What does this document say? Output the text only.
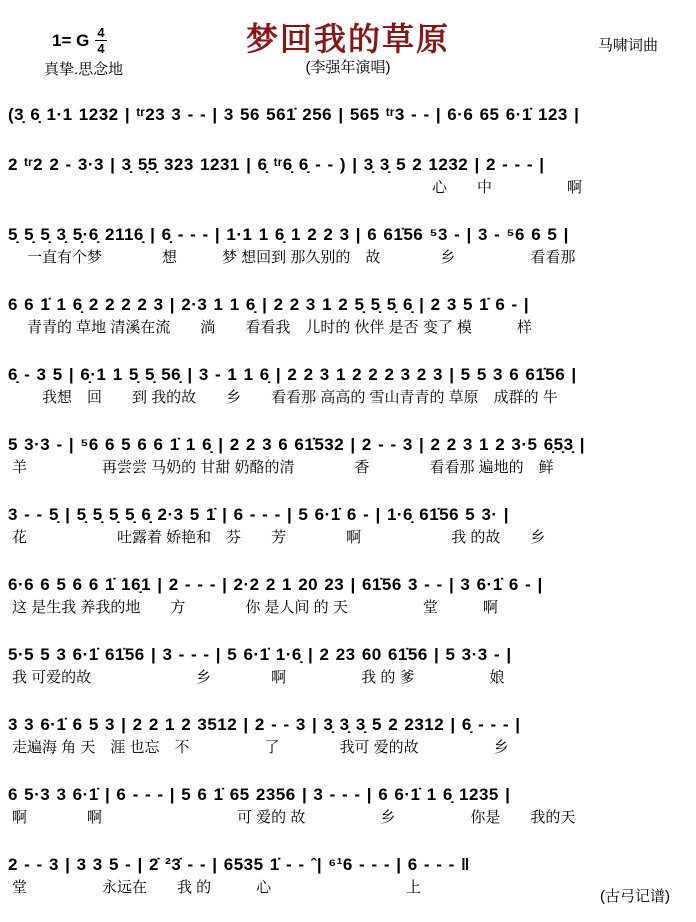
1= G $\frac{4}{4}$
真挚.思念地
梦回我的草原
(李强年演唱)
马啸词曲
(3̣ 6̣ 1·1 1232 | ᵗʳ23 3 - - | 3 56 561̇ 256 | 565 ᵗʳ3 - - | 6·6 65 6·1̇ 123 |
2 ᵗʳ2 2 - 3·3 | 3̣ 5̣5̣ 323 1231 | 6̣ ᵗʳ6̣ 6̣ - - ) | 3̣ 3̣ 5 2 1232 | 2 - - - |
                            心  中     啊
5̣ 5̣ 5̣ 3̣ 5̣·6̣ 2116̣ | 6̣ - - - | 1·1 1 6̣ 1 2 2 3 | 6 61̇56 ⁵3 - | 3 - ⁵6 6 5 |
 一直有个梦    想   梦 想回到 那久别的 故    乡     看看那
6 6 1̇ 1 6̣ 2 2 2 2 3 | 2·3 1 1 6̣ | 2 2 3 1 2 5̣ 5̣ 5̣ 6̣ | 2 3 5 1̇ 6 - |
 青青的 草地 清溪在流  淌  看看我 儿时的 伙伴 是否 变了 模   样
6̣ - 3 5 | 6̣·1 1 5̣ 5̣ 56̣ | 3 - 1 1 6̣ | 2 2 3 1 2 2 2 3 2 3 | 5 5 3 6 61̇56 |
  我想 回  到 我的故  乡  看看那 高高的 雪山青青的 草原 成群的 牛
5 3·3 - | ⁵6 6 5 6 6 1̇ 1 6̣ | 2 2 3 6 61̇532 | 2 - - 3 | 2 2 3 1 2 3·5 6̣5̣3̣ |
羊     再尝尝 马奶的 甘甜 奶酪的清    香    看看那 遍地的 鲜
3 - - 5̣ | 5̣ 5̣ 5̣ 5̣ 6̣ 2·3 5 1̇ | 6 - - - | 5 6·1̇ 6 - | 1·6̣ 61̇56 5 3· |
花      吐露着 娇艳和 芬  芳    啊      我 的故  乡
6·6 6 5 6 6 1̇ 16̣1 | 2 - - - | 2·2 2 1 20 23 | 61̇56 3 - - | 3 6·1̇ 6 - |
这 是生我 养我的地  方    你 是人间 的 天     堂   啊
5·5 5 3 6·1̇ 61̇56 | 3 - - - | 5 6·1̇ 1·6̣ | 2 23 60 61̇56 | 5 3·3 - |
我 可爱的故       乡    啊     我 的 爹     娘
3 3 6·1̇ 6 5 3 | 2 2 1 2 3512 | 2 - - 3 | 3̣ 3̣ 3̣ 5 2 2312 | 6̣ - - - |
走遍海 角 天 涯 也忘 不     了    我可 爱的故     乡
6 5·3 3 6·1̇ | 6 - - - | 5 6 1̇ 65 2356 | 3 - - - | 6 6·1̇ 1 6̣ 1235 |
啊    啊         可 爱的 故     乡     你是  我的天
2 - - 3 | 3 3 5 - | 2̇ ²3̇ - - | 6535 1̇ - - ˆ| ⁶¹6 - - - | 6 - - - ‖
堂     永远在  我 的   心         上
(古弓记谱)
